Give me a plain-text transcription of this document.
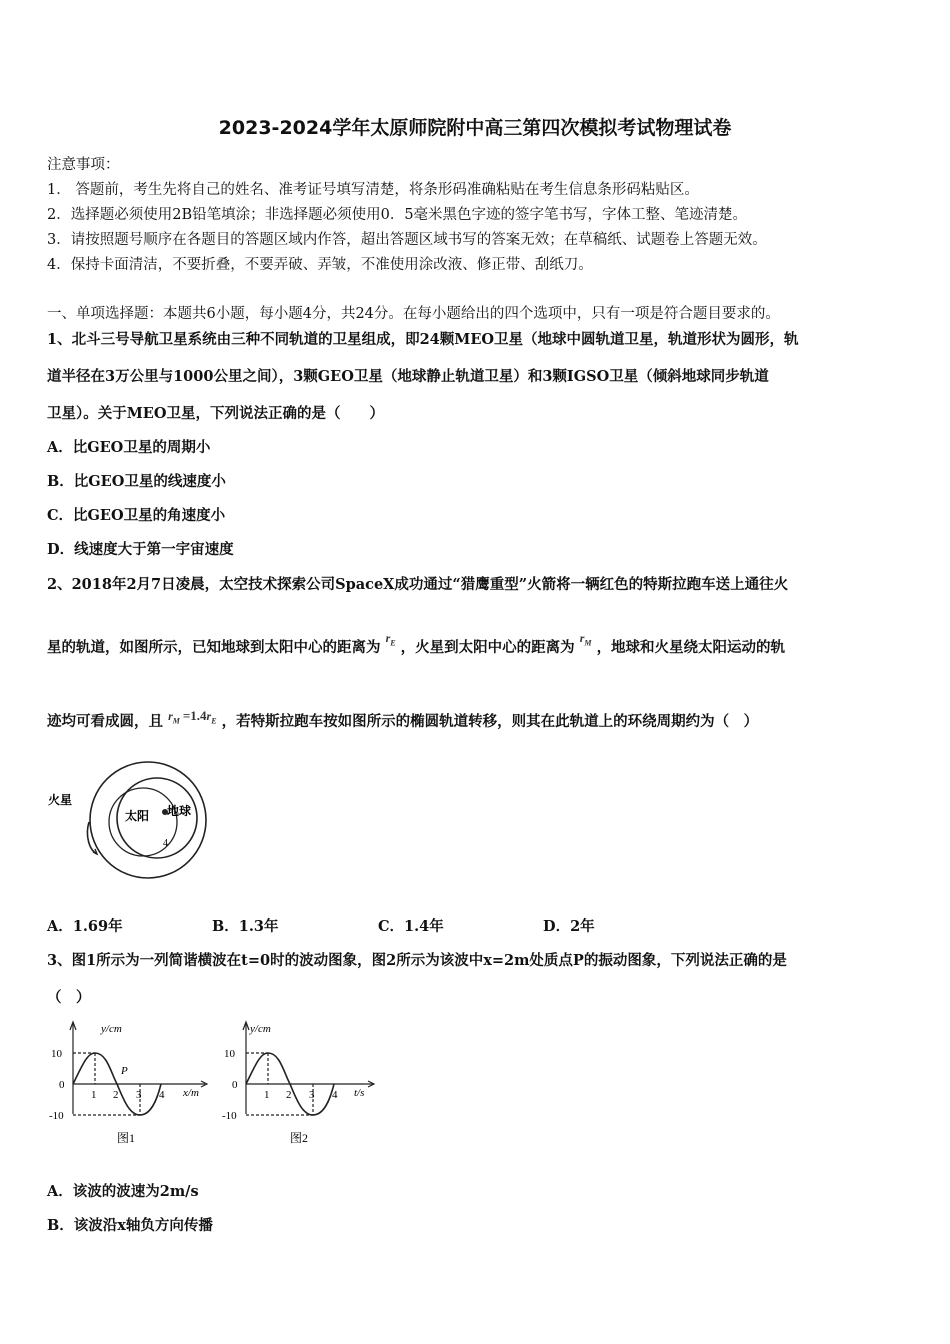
2023-2024学年太原师院附中高三第四次模拟考试物理试卷
注意事项：
1． 答题前，考生先将自己的姓名、准考证号填写清楚，将条形码准确粘贴在考生信息条形码粘贴区。
2．选择题必须使用2B铅笔填涂；非选择题必须使用0．5毫米黑色字迹的签字笔书写，字体工整、笔迹清楚。
3．请按照题号顺序在各题目的答题区域内作答，超出答题区域书写的答案无效；在草稿纸、试题卷上答题无效。
4．保持卡面清洁，不要折叠，不要弄破、弄皱，不准使用涂改液、修正带、刮纸刀。
一、单项选择题：本题共6小题，每小题4分，共24分。在每小题给出的四个选项中，只有一项是符合题目要求的。
1、北斗三号导航卫星系统由三种不同轨道的卫星组成，即24颗MEO卫星（地球中圆轨道卫星，轨道形状为圆形，轨
道半径在3万公里与1000公里之间），3颗GEO卫星（地球静止轨道卫星）和3颗IGSO卫星（倾斜地球同步轨道
卫星）。关于MEO卫星，下列说法正确的是（　　）
A．比GEO卫星的周期小
B．比GEO卫星的线速度小
C．比GEO卫星的角速度小
D．线速度大于第一宇宙速度
2、2018年2月7日凌晨，太空技术探索公司SpaceX成功通过“猎鹰重型”火箭将一辆红色的特斯拉跑车送上通往火
星的轨道，如图所示，已知地球到太阳中心的距离为 $^{r_E}$ ，火星到太阳中心的距离为 $^{r_M}$ ，地球和火星绕太阳运动的轨
迹均可看成圆，且 $^{r_M =1.4r_E}$ ，若特斯拉跑车按如图所示的椭圆轨道转移，则其在此轨道上的环绕周期约为（　）
火星
太阳 地球
4
A．1.69年	B．1.3年	C．1.4年	D．2年
3、图1所示为一列简谐横波在t=0时的波动图象，图2所示为该波中x=2m处质点P的振动图象，下列说法正确的是
（　）
y/cm
x/m
10
0
-10
1 2 3 4
P
图1
y/cm
t/s
10
0
-10
1 2 3 4
图2
A．该波的波速为2m/s
B．该波沿x轴负方向传播
